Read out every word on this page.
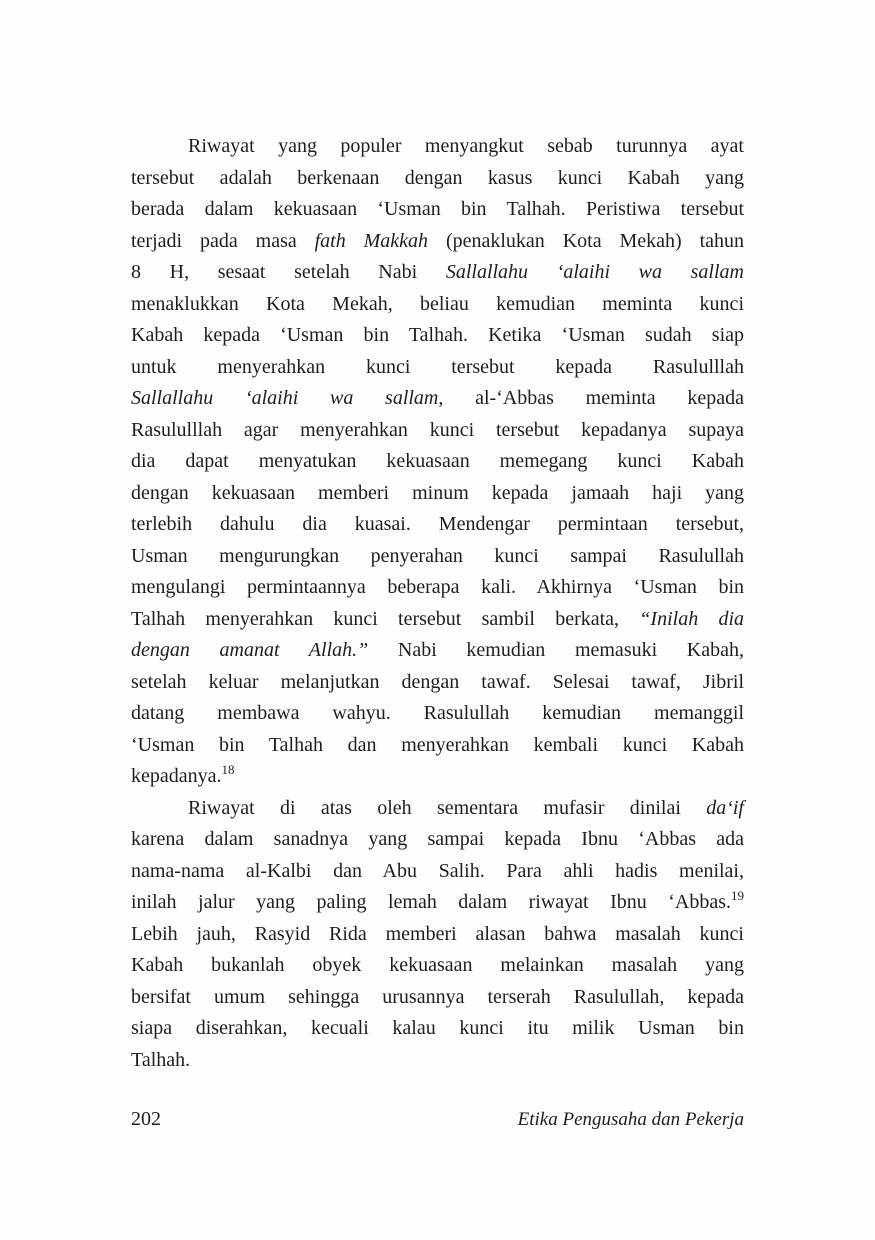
Riwayat yang populer menyangkut sebab turunnya ayat
tersebut adalah berkenaan dengan kasus kunci Kabah yang
berada dalam kekuasaan ‘Usman bin Talhah. Peristiwa tersebut
terjadi pada masa fath Makkah (penaklukan Kota Mekah) tahun
8 H, sesaat setelah Nabi Sallallahu ‘alaihi wa sallam
menaklukkan Kota Mekah, beliau kemudian meminta kunci
Kabah kepada ‘Usman bin Talhah. Ketika ‘Usman sudah siap
untuk menyerahkan kunci tersebut kepada Rasululllah
Sallallahu ‘alaihi wa sallam, al-‘Abbas meminta kepada
Rasululllah agar menyerahkan kunci tersebut kepadanya supaya
dia dapat menyatukan kekuasaan memegang kunci Kabah
dengan kekuasaan memberi minum kepada jamaah haji yang
terlebih dahulu dia kuasai. Mendengar permintaan tersebut,
Usman mengurungkan penyerahan kunci sampai Rasulullah
mengulangi permintaannya beberapa kali. Akhirnya ‘Usman bin
Talhah menyerahkan kunci tersebut sambil berkata, “Inilah dia
dengan amanat Allah.” Nabi kemudian memasuki Kabah,
setelah keluar melanjutkan dengan tawaf. Selesai tawaf, Jibril
datang membawa wahyu. Rasulullah kemudian memanggil
‘Usman bin Talhah dan menyerahkan kembali kunci Kabah
kepadanya.$^{18}$
Riwayat di atas oleh sementara mufasir dinilai da‘if
karena dalam sanadnya yang sampai kepada Ibnu ‘Abbas ada
nama-nama al-Kalbi dan Abu Salih. Para ahli hadis menilai,
inilah jalur yang paling lemah dalam riwayat Ibnu ‘Abbas.$^{19}$
Lebih jauh, Rasyid Rida memberi alasan bahwa masalah kunci
Kabah bukanlah obyek kekuasaan melainkan masalah yang
bersifat umum sehingga urusannya terserah Rasulullah, kepada
siapa diserahkan, kecuali kalau kunci itu milik Usman bin
Talhah.
202	Etika Pengusaha dan Pekerja
